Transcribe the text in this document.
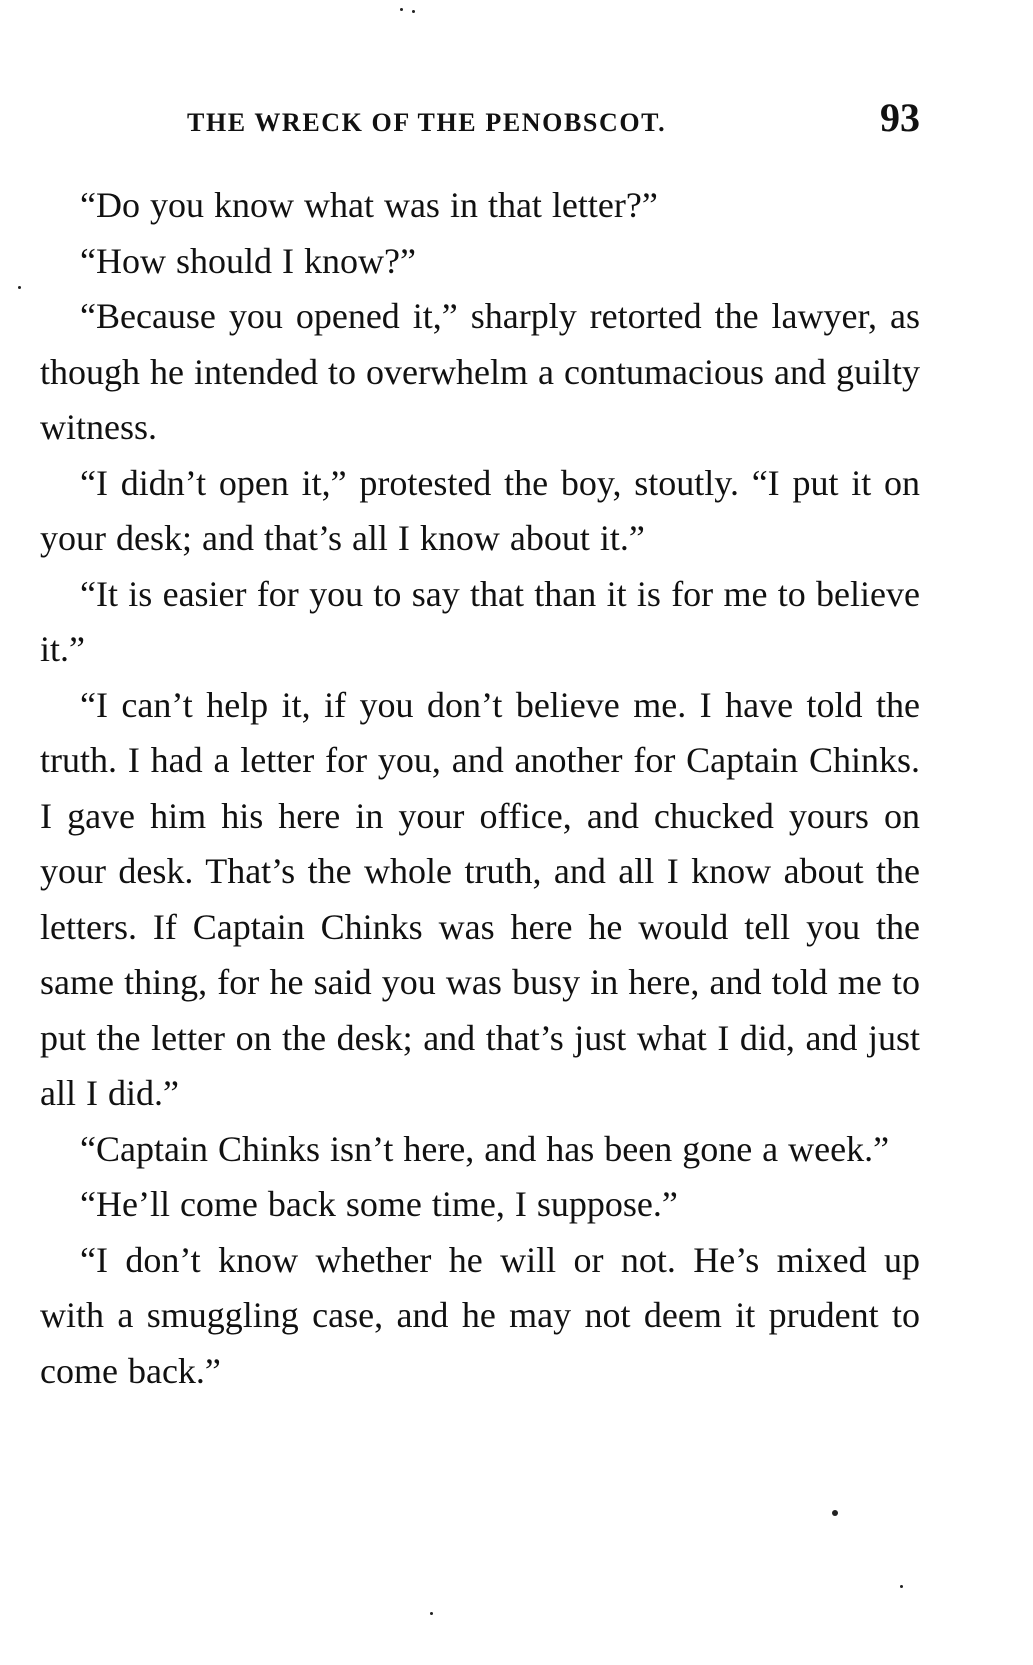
THE WRECK OF THE PENOBSCOT.	93

“Do you know what was in that letter?”

“How should I know?”

“Because you opened it,” sharply retorted the lawyer, as though he intended to overwhelm a contumacious and guilty witness.

“I didn’t open it,” protested the boy, stoutly. “I put it on your desk; and that’s all I know about it.”

“It is easier for you to say that than it is for me to believe it.”

“I can’t help it, if you don’t believe me. I have told the truth. I had a letter for you, and another for Captain Chinks. I gave him his here in your office, and chucked yours on your desk. That’s the whole truth, and all I know about the letters. If Captain Chinks was here he would tell you the same thing, for he said you was busy in here, and told me to put the letter on the desk; and that’s just what I did, and just all I did.”

“Captain Chinks isn’t here, and has been gone a week.”

“He’ll come back some time, I suppose.”

“I don’t know whether he will or not. He’s mixed up with a smuggling case, and he may not deem it prudent to come back.”
